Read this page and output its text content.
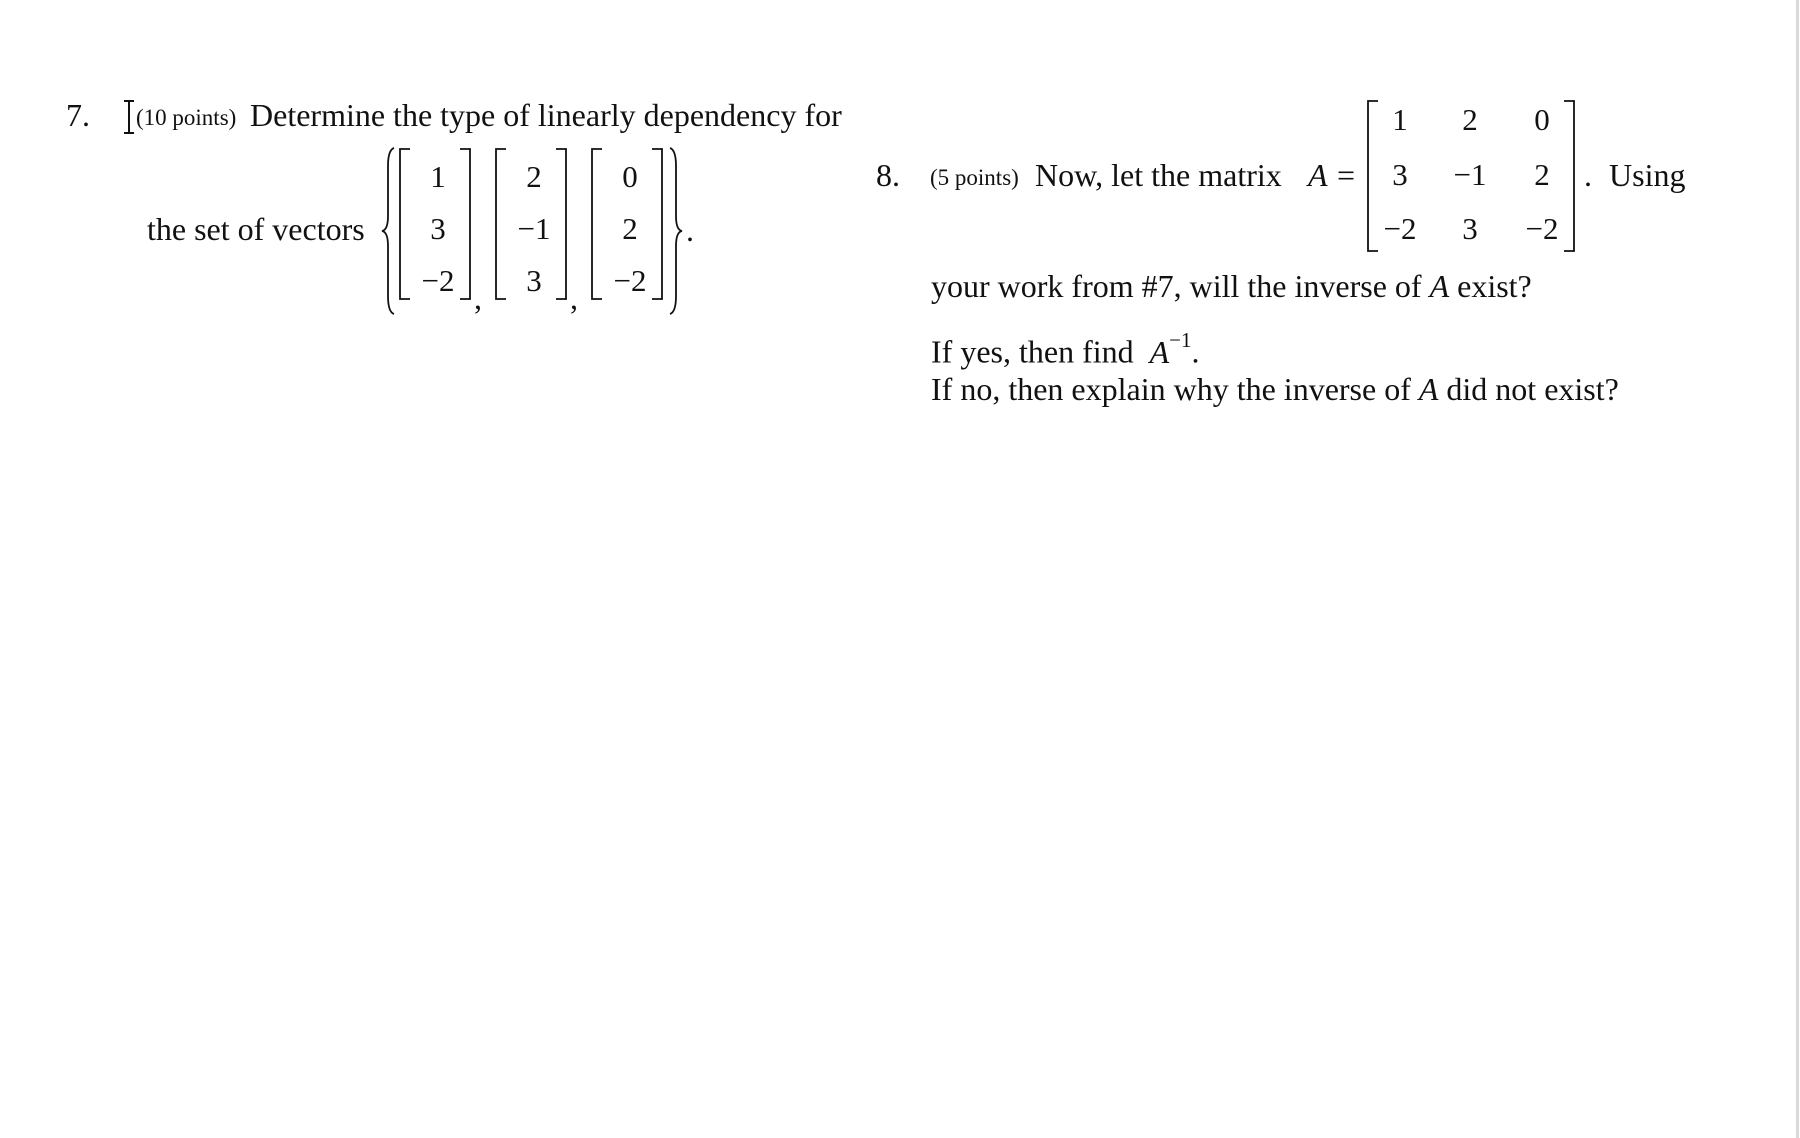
7. (10 points) Determine the type of linearly dependency for
the set of vectors
1
3
−2 ,
2
−1
3 ,
0
2
−2
.
8. (5 points) Now, let the matrix A =
1	2	0
3	−1	2
−2	3	−2
. Using
your work from #7, will the inverse of A exist?
If yes, then find $A^{-1}$.
If no, then explain why the inverse of A did not exist?
